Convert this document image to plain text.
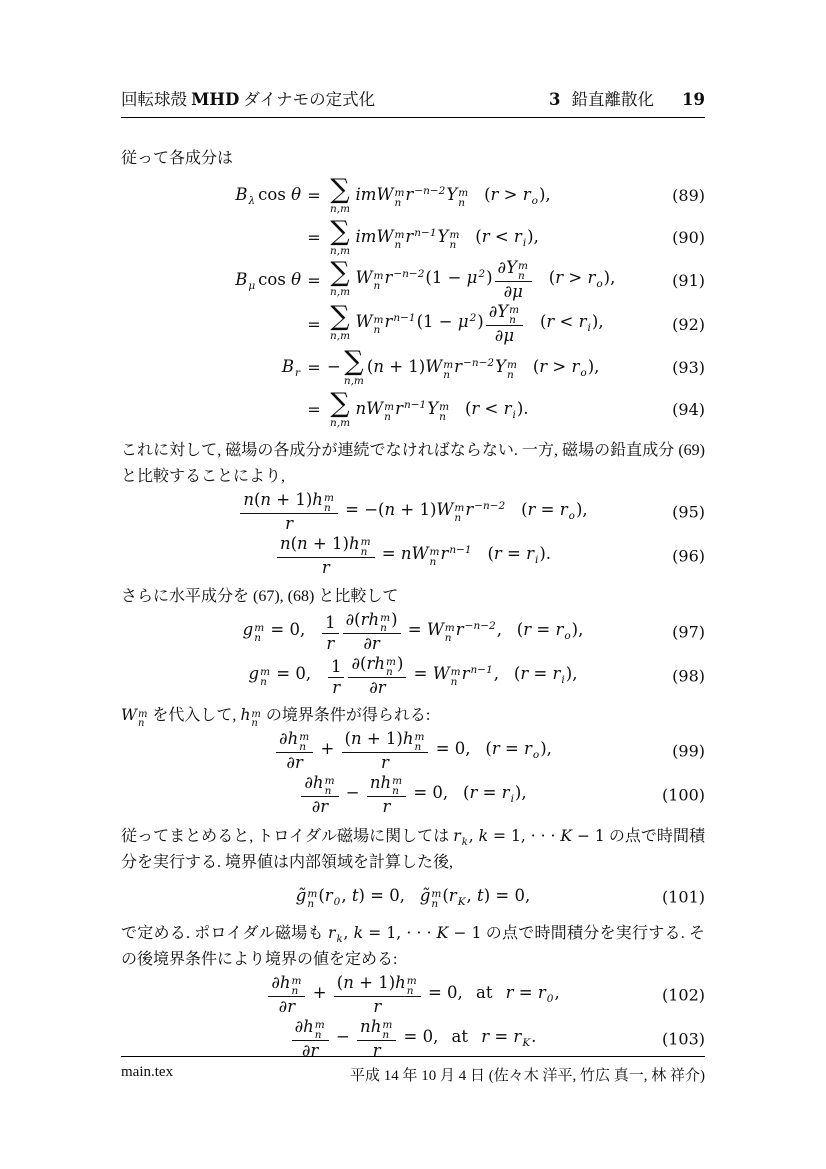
回転球殻 MHD ダイナモの定式化	3 鉛直離散化 19

従って各成分は

B λ cos θ = ∑
n,m
imW m
n r −n−2 Y m
n (r > r o ),	(89)
= ∑
n,m
imW m
n r n−1 Y m
n (r < r i ),	(90)
B μ cos θ = ∑
n,m
W m
n r −n−2 (1 − μ 2 ) ∂Y m
n
∂μ (r > r o ),	(91)
= ∑
n,m
W m
n r n−1 (1 − μ 2 ) ∂Y m
n
∂μ (r < r i ),	(92)
B r = − ∑
n,m
(n + 1)W m
n r −n−2 Y m
n (r > r o ),	(93)
= ∑
n,m
nW m
n r n−1 Y m
n (r < r i ).	(94)

これに対して, 磁場の各成分が連続でなければならない. 一方, 磁場の鉛直成分 (69) と比較することにより,

n(n + 1)h m
n
r = −(n + 1)W m
n r −n−2 (r = r o ),	(95)
n(n + 1)h m
n
r = nW m
n r n−1 (r = r i ).	(96)

さらに水平成分を (67), (68) と比較して

g m
n = 0, $\frac{1}{r} \partial(rh$ m
n )
∂r = W m
n r −n−2 , (r = r o ),	(97)
g m
n = 0, $\frac{1}{r} \partial(rh$ m
n )
∂r = W m
n r n−1 , (r = r i ),	(98)

W m
n を代入して, h m
n の境界条件が得られる:

∂h m
n
∂r + (n + 1)h m
n
r = 0, (r = r o ),	(99)
∂h m
n
∂r − nh m
n
r = 0, (r = r i ),	(100)

従ってまとめると, トロイダル磁場に関しては r k , k = 1, · · · K − 1 の点で時間積分を実行する. 境界値は内部領域を計算した後,

g̃ m
n (r 0 , t) = 0, g̃ m
n (r K , t) = 0,	(101)

で定める. ポロイダル磁場も r k , k = 1, · · · K − 1 の点で時間積分を実行する. その後境界条件により境界の値を定める:

∂h m
n
∂r + (n + 1)h m
n
r = 0, at r = r 0 ,	(102)
∂h m
n
∂r − nh m
n
r = 0, at r = r K .	(103)
main.tex	平成 14 年 10 月 4 日 (佐々木 洋平, 竹広 真一, 林 祥介)
